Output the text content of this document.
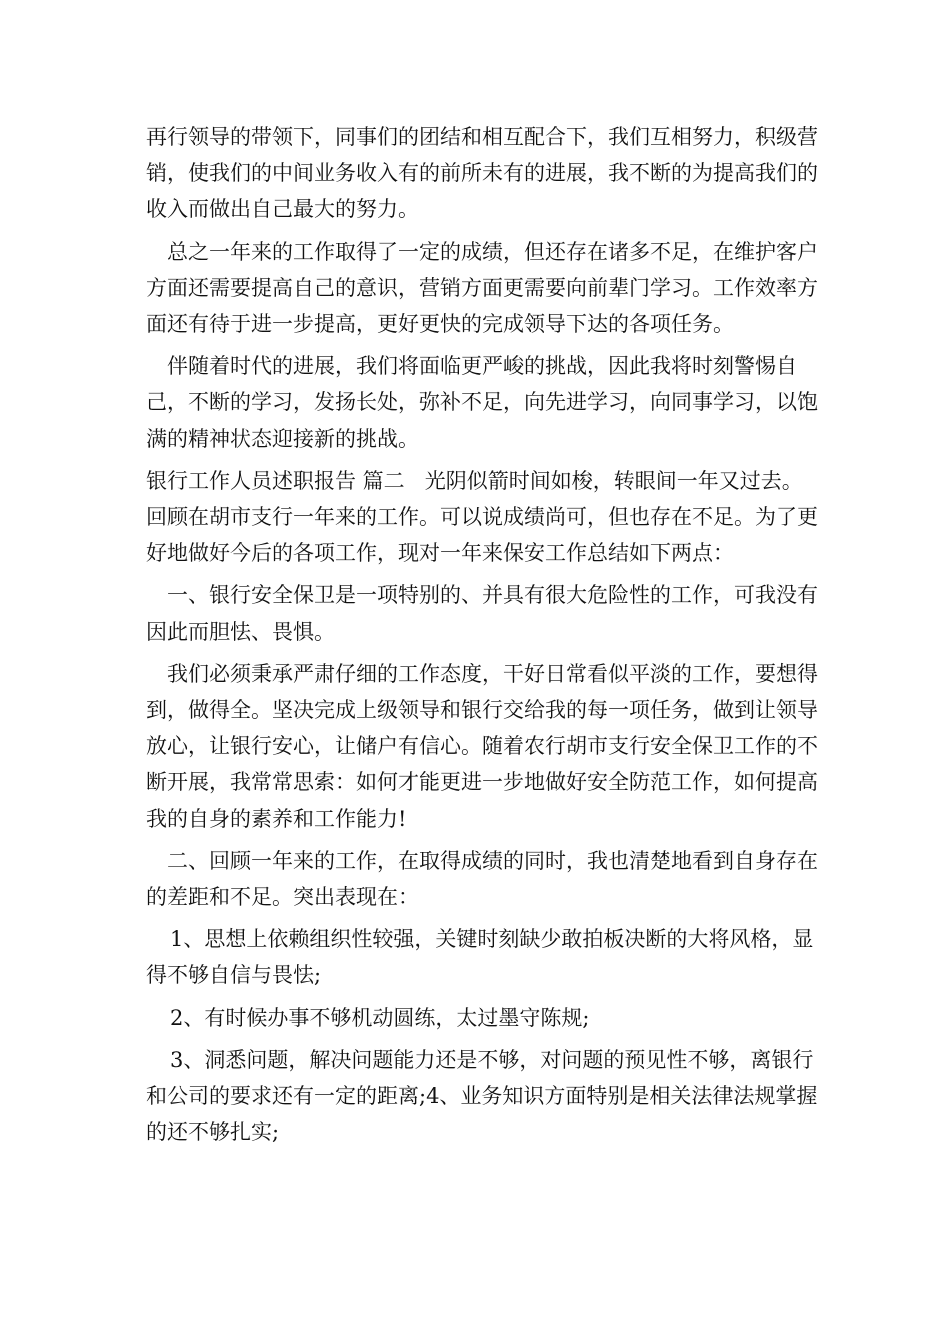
再行领导的带领下，同事们的团结和相互配合下，我们互相努力，积级营销，使我们的中间业务收入有的前所未有的进展，我不断的为提高我们的收入而做出自己最大的努力。

总之一年来的工作取得了一定的成绩，但还存在诸多不足，在维护客户方面还需要提高自己的意识，营销方面更需要向前辈门学习。工作效率方面还有待于进一步提高，更好更快的完成领导下达的各项任务。

伴随着时代的进展，我们将面临更严峻的挑战，因此我将时刻警惕自己，不断的学习，发扬长处，弥补不足，向先进学习，向同事学习，以饱满的精神状态迎接新的挑战。

银行工作人员述职报告 篇二   光阴似箭时间如梭，转眼间一年又过去。回顾在胡市支行一年来的工作。可以说成绩尚可，但也存在不足。为了更好地做好今后的各项工作，现对一年来保安工作总结如下两点：

一、银行安全保卫是一项特别的、并具有很大危险性的工作，可我没有因此而胆怯、畏惧。

我们必须秉承严肃仔细的工作态度，干好日常看似平淡的工作，要想得到，做得全。坚决完成上级领导和银行交给我的每一项任务，做到让领导放心，让银行安心，让储户有信心。随着农行胡市支行安全保卫工作的不断开展，我常常思索：如何才能更进一步地做好安全防范工作，如何提高我的自身的素养和工作能力!

二、回顾一年来的工作，在取得成绩的同时，我也清楚地看到自身存在的差距和不足。突出表现在：

1、思想上依赖组织性较强，关键时刻缺少敢拍板决断的大将风格，显得不够自信与畏怯;

2、有时候办事不够机动圆练，太过墨守陈规;

3、洞悉问题，解决问题能力还是不够，对问题的预见性不够，离银行和公司的要求还有一定的距离;4、业务知识方面特别是相关法律法规掌握的还不够扎实;
